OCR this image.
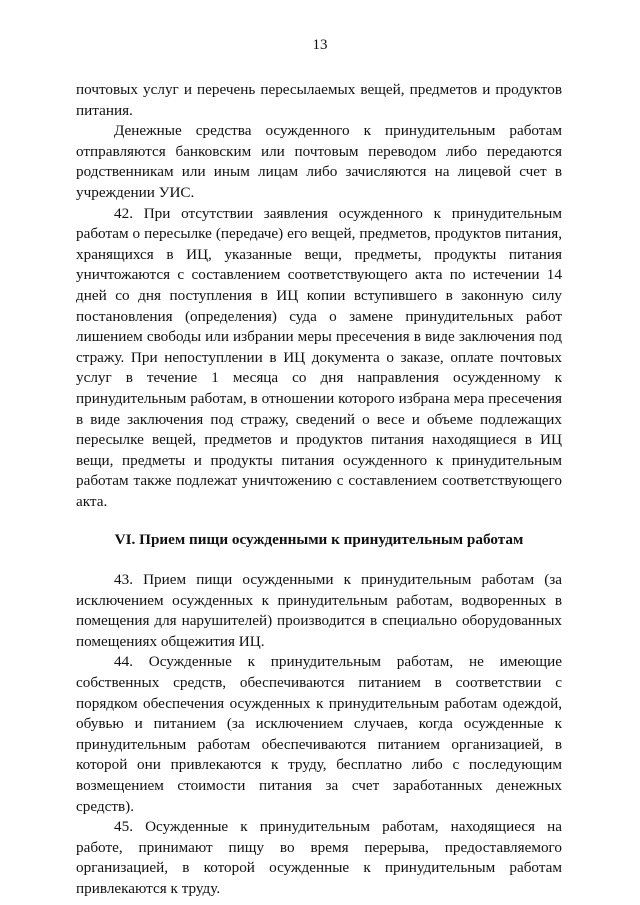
13

почтовых услуг и перечень пересылаемых вещей, предметов и продуктов питания.

Денежные средства осужденного к принудительным работам отправляются банковским или почтовым переводом либо передаются родственникам или иным лицам либо зачисляются на лицевой счет в учреждении УИС.

42. При отсутствии заявления осужденного к принудительным работам о пересылке (передаче) его вещей, предметов, продуктов питания, хранящихся в ИЦ, указанные вещи, предметы, продукты питания уничтожаются с составлением соответствующего акта по истечении 14 дней со дня поступления в ИЦ копии вступившего в законную силу постановления (определения) суда о замене принудительных работ лишением свободы или избрании меры пресечения в виде заключения под стражу. При непоступлении в ИЦ документа о заказе, оплате почтовых услуг в течение 1 месяца со дня направления осужденному к принудительным работам, в отношении которого избрана мера пресечения в виде заключения под стражу, сведений о весе и объеме подлежащих пересылке вещей, предметов и продуктов питания находящиеся в ИЦ вещи, предметы и продукты питания осужденного к принудительным работам также подлежат уничтожению с составлением соответствующего акта.

VI. Прием пищи осужденными к принудительным работам

43. Прием пищи осужденными к принудительным работам (за исключением осужденных к принудительным работам, водворенных в помещения для нарушителей) производится в специально оборудованных помещениях общежития ИЦ.

44. Осужденные к принудительным работам, не имеющие собственных средств, обеспечиваются питанием в соответствии с порядком обеспечения осужденных к принудительным работам одеждой, обувью и питанием (за исключением случаев, когда осужденные к принудительным работам обеспечиваются питанием организацией, в которой они привлекаются к труду, бесплатно либо с последующим возмещением стоимости питания за счет заработанных денежных средств).

45. Осужденные к принудительным работам, находящиеся на работе, принимают пищу во время перерыва, предоставляемого организацией, в которой осужденные к принудительным работам привлекаются к труду.
